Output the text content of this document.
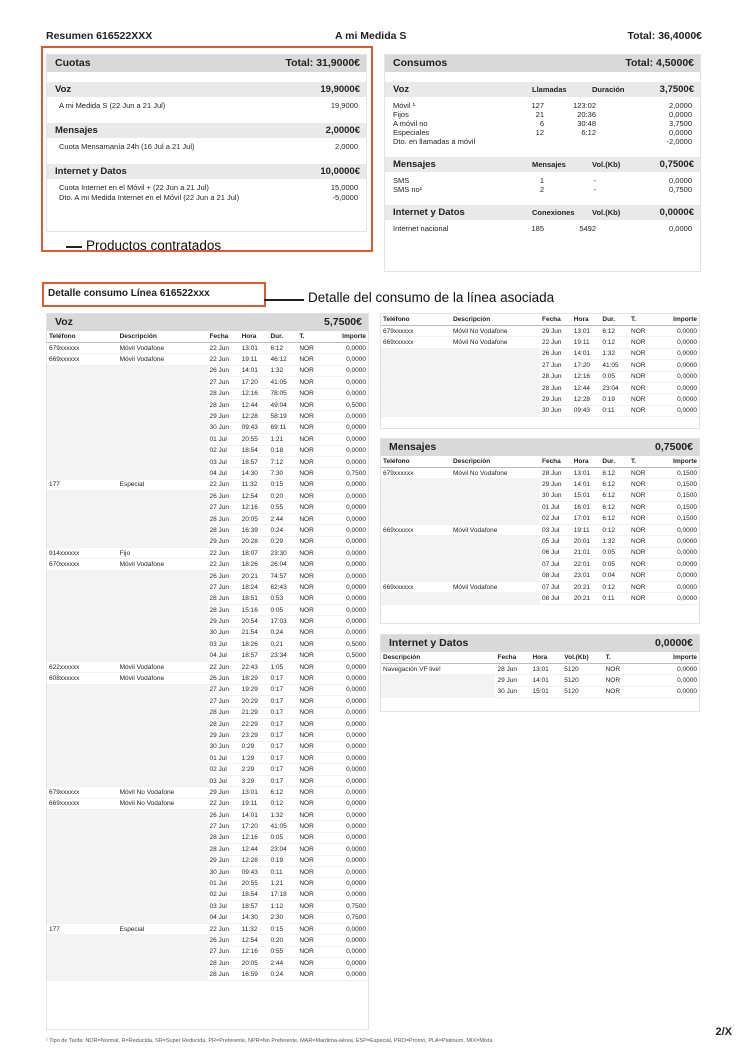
Resumen 616522XXX	A mi Medida S	Total: 36,4000€
Cuotas	Total: 31,9000€
Voz	19,9000€
A mi Medida S (22 Jun a 21 Jul)	19,9000
Mensajes	2,0000€
Cuota Mensamanía 24h (16 Jul a 21 Jul)	2,0000
Internet y Datos	10,0000€
Cuota Internet en el Móvil + (22 Jun a 21 Jul)	15,0000
Dto. A mi Medida Internet en el Móvil (22 Jun a 21 Jul)	-5,0000
Consumos	Total: 4,5000€
Voz	Llamadas	Duración	3,7500€
Móvil ¹	127	123:02	2,0000
Fijos	21	20:36	0,0000
A móvil no	6	30:48	3,7500
Especiales	12	6:12	0,0000
Dto. en llamadas a móvil	-2,0000
Mensajes	Mensajes	Vol.(Kb)	0,7500€
SMS	1	-	0,0000
SMS no¹	2	-	0,7500
Internet y Datos	Conexiones Vol.(Kb)	0,0000€
Internet nacional	185	5492	0,0000
Productos contratados
Detalle consumo Línea 616522xxx	Detalle del consumo de la línea asociada
Voz	5,7500€
Teléfono	Descripción	Fecha	Hora	Dur.	T.	Importe
679xxxxxx	Móvil Vodafone	22 Jun	13:01	6:12	NOR	0,0000
669xxxxxx	Móvil Vodafone	22 Jun	19:11	46:12	NOR	0,0000
		26 Jun	14:01	1:32	NOR	0,0000
		27 Jun	17:20	41:05	NOR	0,0000
		28 Jun	12:16	78:05	NOR	0,0000
		28 Jun	12:44	49:04	NOR	0,5000
		29 Jun	12:28	58:19	NOR	0,0000
		30 Jun	09:43	69:11	NOR	0,0000
		01 Jul	20:55	1:21	NOR	0,0000
		02 Jul	18:54	0:18	NOR	0,0000
		03 Jul	18:57	7:12	NOR	0,0000
		04 Jul	14:30	7:30	NOR	0,7500
177	Especial	22 Jun	11:32	0:15	NOR	0,0000
		26 Jun	12:54	0:20	NOR	0,0000
		27 Jun	12:16	0:55	NOR	0,0000
		28 Jun	20:05	2:44	NOR	0,0000
		28 Jun	16:39	0:24	NOR	0,0000
		29 Jun	20:28	0:29	NOR	0,0000
914xxxxxx	Fijo	22 Jun	18:07	23:30	NOR	0,0000
670xxxxxx	Móvil Vodafone	22 Jun	18:26	26:04	NOR	0,0000
		26 Jun	20:21	74:57	NOR	0,0000
		27 Jun	18:24	62:43	NOR	0,0000
		28 Jun	18:51	0:53	NOR	0,0000
		28 Jun	15:16	0:05	NOR	0,0000
		29 Jun	20:54	17:03	NOR	0,0000
		30 Jun	21:54	0:24	NOR	0,0000
		03 Jul	18:26	0:21	NOR	0,5000
		04 Jul	18:57	23:34	NOR	0,5000
622xxxxxx	Móvil Vodafone	22 Jun	22:43	1:05	NOR	0,0000
608xxxxxx	Móvil Vodafone	26 Jun	18:29	0:17	NOR	0,0000
		27 Jun	19:29	0:17	NOR	0,0000
		27 Jun	20:29	0:17	NOR	0,0000
		28 Jun	21:29	0:17	NOR	0,0000
		28 Jun	22:29	0:17	NOR	0,0000
		29 Jun	23:29	0:17	NOR	0,0000
		30 Jun	0:29	0:17	NOR	0,0000
		01 Jul	1:29	0:17	NOR	0,0000
		02 Jul	2:29	0:17	NOR	0,0000
		03 Jul	3:29	0:17	NOR	0,0000
679xxxxxx	Móvil No Vodafone	29 Jun	13:01	6:12	NOR	0,0000
669xxxxxx	Móvil No Vodafone	22 Jun	19:11	0:12	NOR	0,0000
		26 Jun	14:01	1:32	NOR	0,0000
		27 Jun	17:20	41:05	NOR	0,0000
		28 Jun	12:16	0:05	NOR	0,0000
		28 Jun	12:44	23:04	NOR	0,0000
		29 Jun	12:28	0:19	NOR	0,0000
		30 Jun	09:43	0:11	NOR	0,0000
		01 Jul	20:55	1:21	NOR	0,0000
		02 Jul	18:54	17:18	NOR	0,0000
		03 Jul	18:57	1:12	NOR	0,7500
		04 Jul	14:30	2:30	NOR	0,7500
177	Especial	22 Jun	11:32	0:15	NOR	0,0000
		26 Jun	12:54	0:20	NOR	0,0000
		27 Jun	12:16	0:55	NOR	0,0000
		28 Jun	20:05	2:44	NOR	0,0000
		28 Jun	16:59	0:24	NOR	0,0000
Teléfono	Descripción	Fecha	Hora	Dur.	T.	Importe
679xxxxxx	Móvil No Vodafone	29 Jun	13:01	6:12	NOR	0,0000
669xxxxxx	Móvil No Vodafone	22 Jun	19:11	0:12	NOR	0,0000
		26 Jun	14:01	1:32	NOR	0,0000
		27 Jun	17:20	41:05	NOR	0,0000
		28 Jun	12:16	0:05	NOR	0,0000
		28 Jun	12:44	23:04	NOR	0,0000
		29 Jun	12:28	0:19	NOR	0,0000
		30 Jun	09:43	0:11	NOR	0,0000
Mensajes	0,7500€
Teléfono	Descripción	Fecha	Hora	Dur.	T.	Importe
679xxxxxx	Móvil No Vodafone	28 Jun	13:01	6:12	NOR	0,1500
		29 Jun	14:01	6:12	NOR	0,1500
		30 Jun	15:01	6:12	NOR	0,1500
		01 Jul	16:01	6:12	NOR	0,1500
		02 Jul	17:01	6:12	NOR	0,1500
669xxxxxx	Móvil Vodafone	03 Jul	19:11	0:12	NOR	0,0000
		05 Jul	20:01	1:32	NOR	0,0000
		06 Jul	21:01	0:05	NOR	0,0000
		07 Jul	22:01	0:05	NOR	0,0000
		08 Jul	23:01	0:04	NOR	0,0000
669xxxxxx	Móvil Vodafone	07 Jul	20:21	0:12	NOR	0,0000
		08 Jul	20:21	0:11	NOR	0,0000
Internet y Datos	0,0000€
Descripción	Fecha	Hora	Vol.(Kb)	T.	Importe
Navegación VF live!	28 Jun	13:01	5120	NOR	0,0000
	29 Jun	14:01	5120	NOR	0,0000
	30 Jun	15:01	5120	NOR	0,0000
¹ Tipo de Tarifa: NOR=Normal, R=Reducida, SR=Super Reducida, PR=Preferente, NPR=No Preferente, MAR=Marítima-aérea, ESP=Especial, PRO=Promo, PLA=Platinum, MIX=Mixta
2/X
